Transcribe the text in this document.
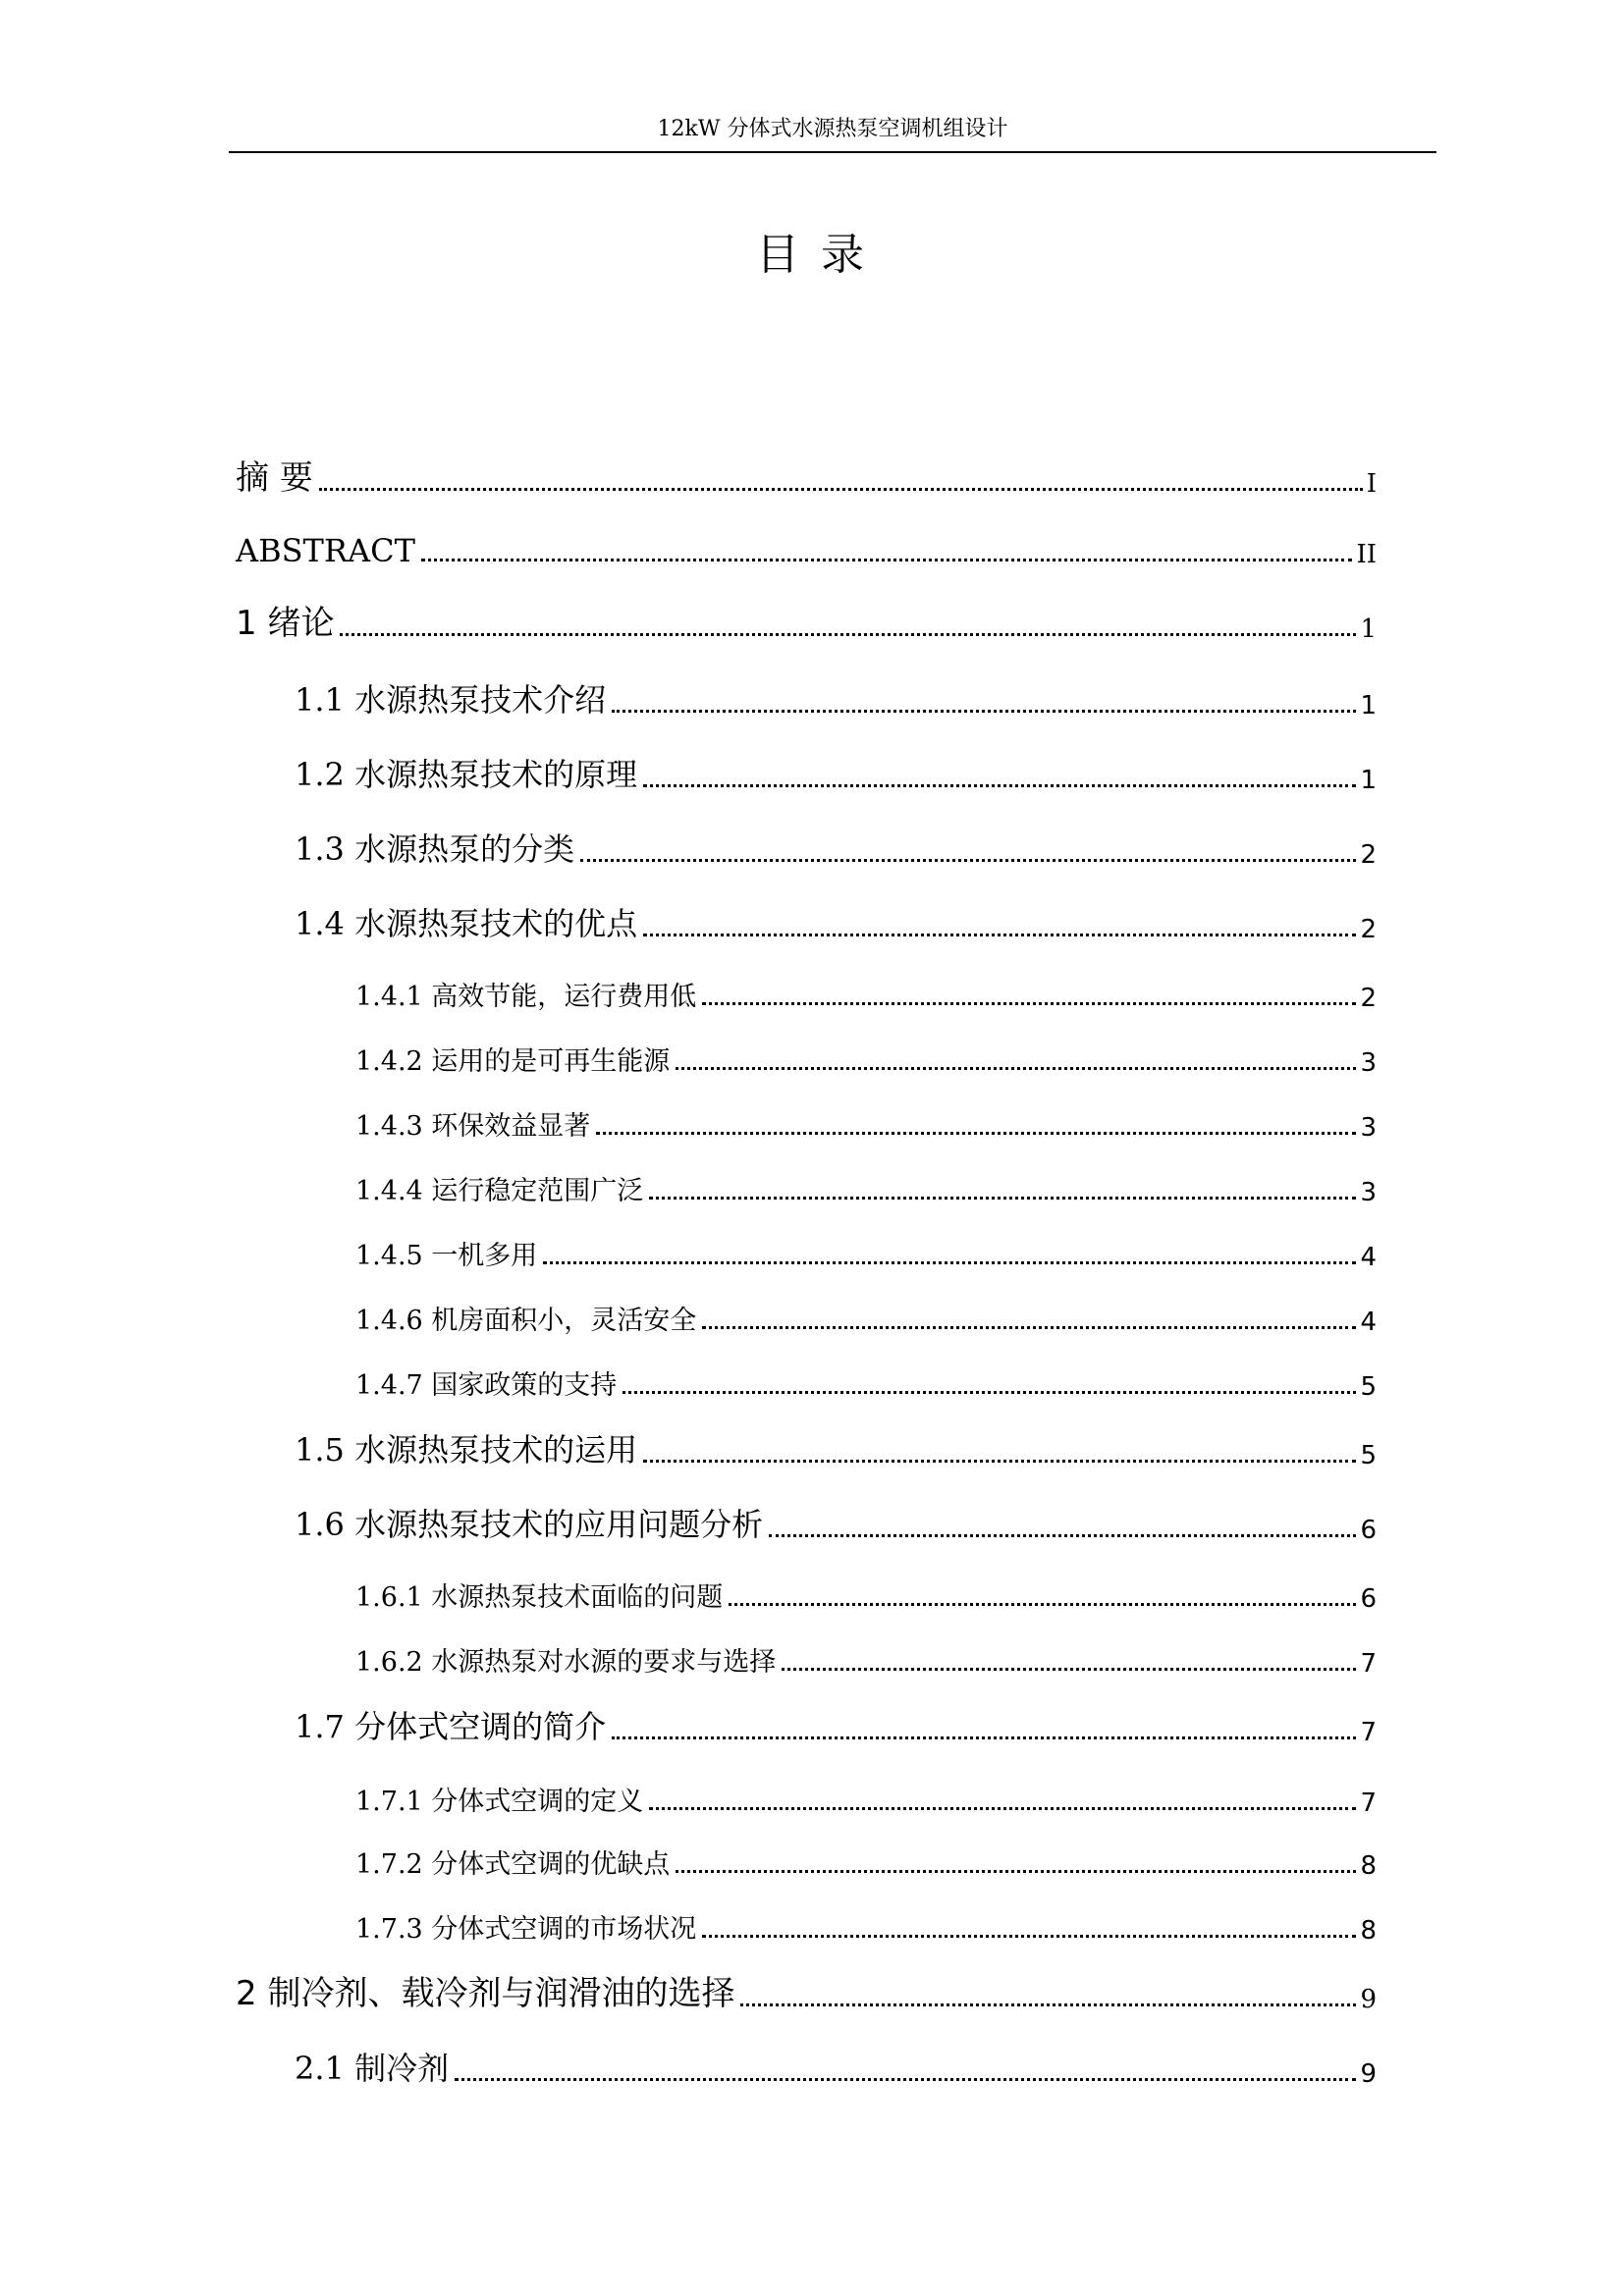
12kW 分体式水源热泵空调机组设计
目 录
摘 要	I
ABSTRACT	II
1 绪论	1
1.1 水源热泵技术介绍	1
1.2 水源热泵技术的原理	1
1.3 水源热泵的分类	2
1.4 水源热泵技术的优点	2
1.4.1 高效节能，运行费用低	2
1.4.2 运用的是可再生能源	3
1.4.3 环保效益显著	3
1.4.4 运行稳定范围广泛	3
1.4.5 一机多用	4
1.4.6 机房面积小，灵活安全	4
1.4.7 国家政策的支持	5
1.5 水源热泵技术的运用	5
1.6 水源热泵技术的应用问题分析	6
1.6.1 水源热泵技术面临的问题	6
1.6.2 水源热泵对水源的要求与选择	7
1.7 分体式空调的简介	7
1.7.1 分体式空调的定义	7
1.7.2 分体式空调的优缺点	8
1.7.3 分体式空调的市场状况	8
2 制冷剂、载冷剂与润滑油的选择	9
2.1 制冷剂	9
